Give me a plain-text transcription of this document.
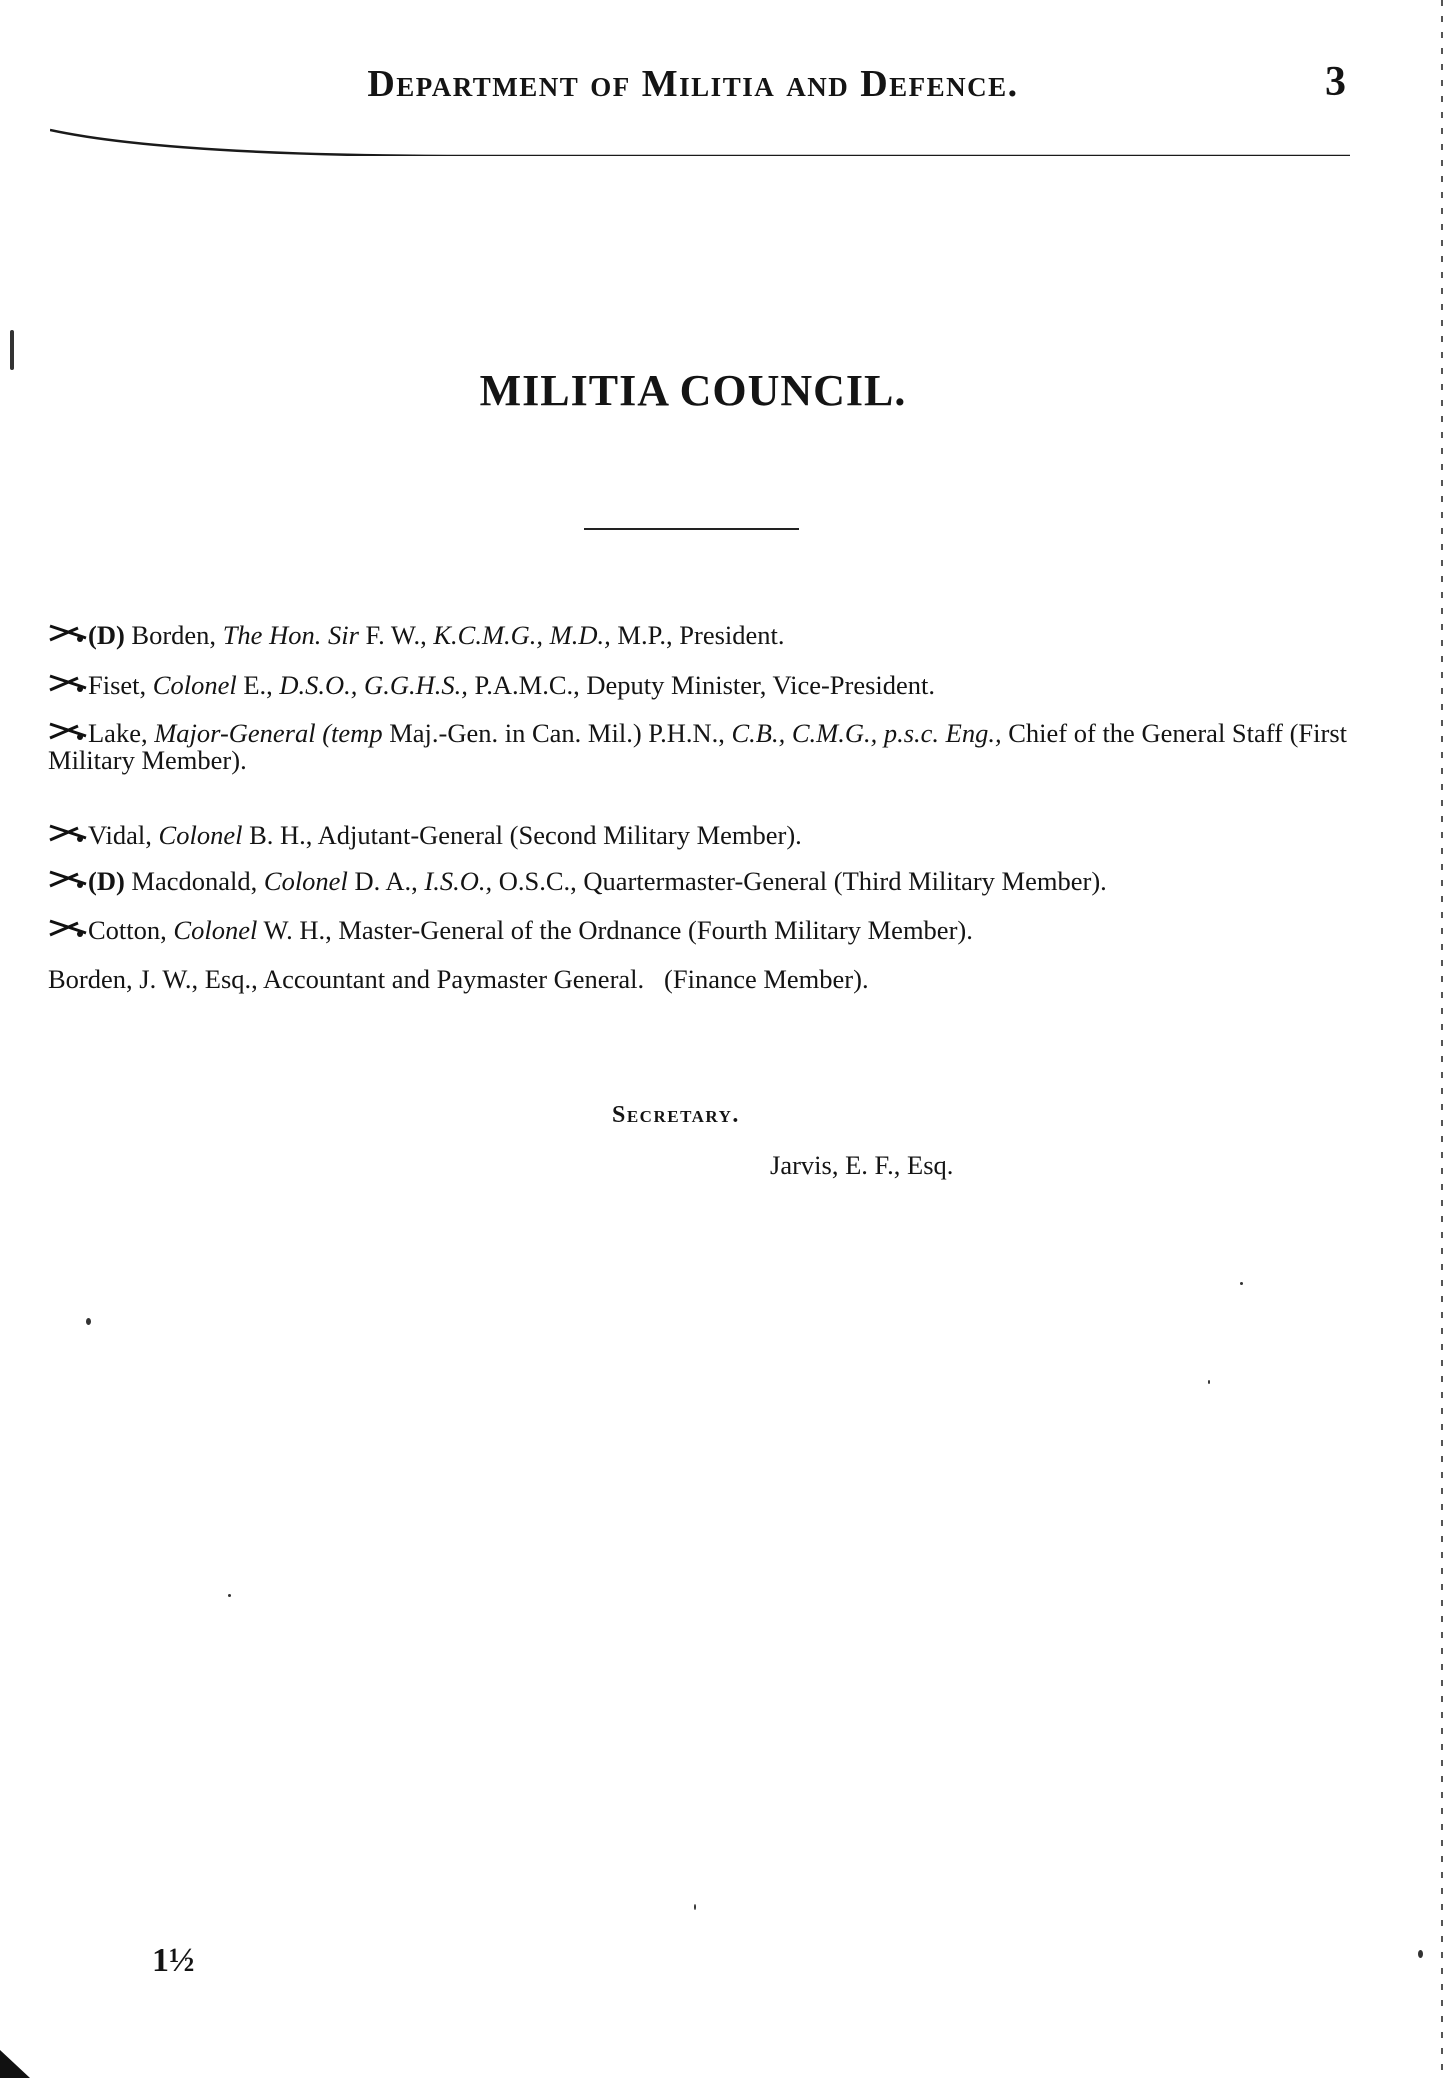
Department of Militia and Defence.	3
MILITIA COUNCIL.
(D) Borden, The Hon. Sir F. W., K.C.M.G., M.D., M.P., President.
Fiset, Colonel E., D.S.O., G.G.H.S., P.A.M.C., Deputy Minister, Vice-President.
Lake, Major-General (temp Maj.-Gen. in Can. Mil.) P.H.N., C.B., C.M.G., p.s.c. Eng., Chief of the General Staff (First Military Member).
Vidal, Colonel B. H., Adjutant-General (Second Military Member).
(D) Macdonald, Colonel D. A., I.S.O., O.S.C., Quartermaster-General (Third Military Member).
Cotton, Colonel W. H., Master-General of the Ordnance (Fourth Military Member).
Borden, J. W., Esq., Accountant and Paymaster General.   (Finance Member).
Secretary.
Jarvis, E. F., Esq.
1½
